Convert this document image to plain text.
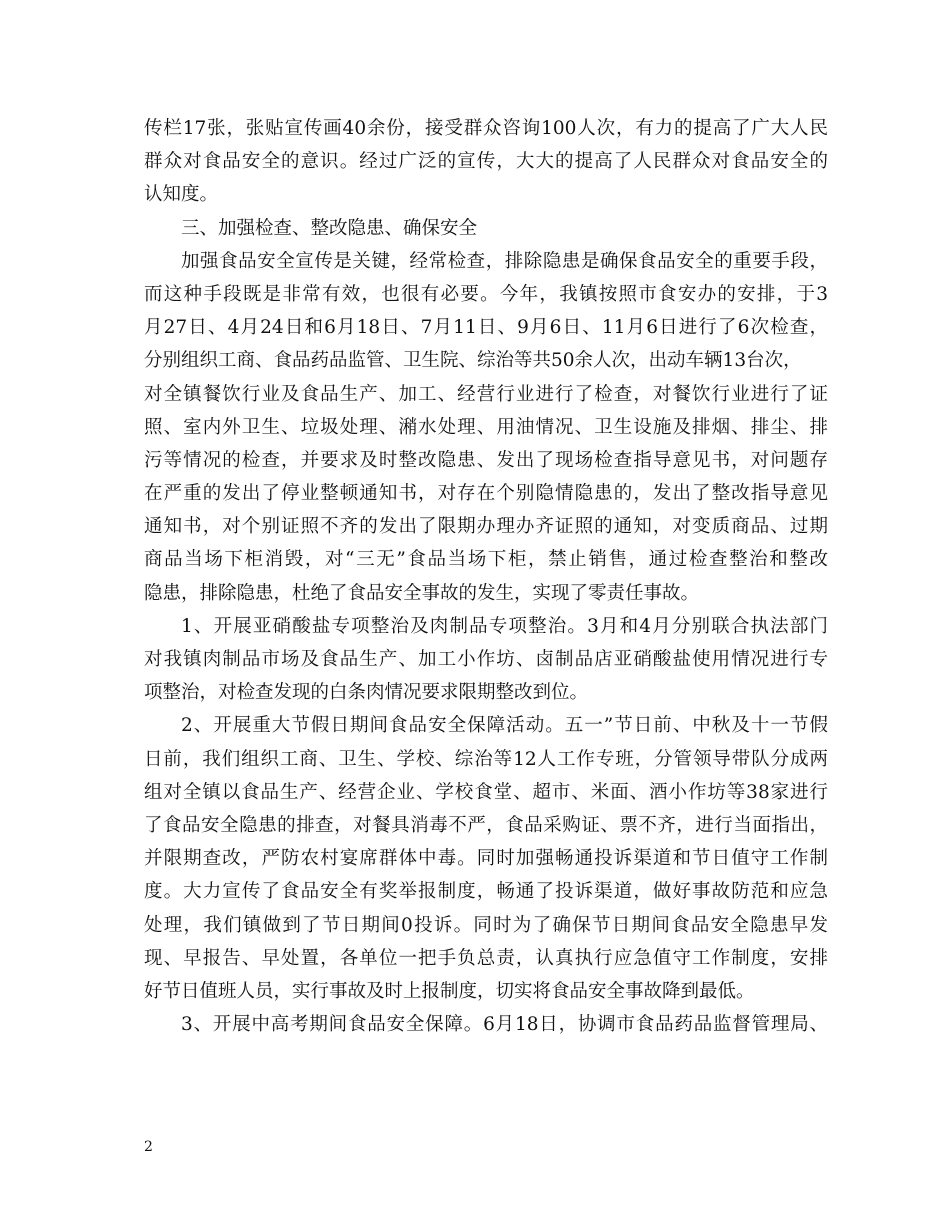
传栏17张，张贴宣传画40余份，接受群众咨询100人次，有力的提高了广大人民
群众对食品安全的意识。经过广泛的宣传，大大的提高了人民群众对食品安全的
认知度。
三、加强检查、整改隐患、确保安全
加强食品安全宣传是关键，经常检查，排除隐患是确保食品安全的重要手段，
而这种手段既是非常有效，也很有必要。今年，我镇按照市食安办的安排，于3
月27日、4月24日和6月18日、7月11日、9月6日、11月6日进行了6次检查，
分别组织工商、食品药品监管、卫生院、综治等共50余人次，出动车辆13台次，
对全镇餐饮行业及食品生产、加工、经营行业进行了检查，对餐饮行业进行了证
照、室内外卫生、垃圾处理、潲水处理、用油情况、卫生设施及排烟、排尘、排
污等情况的检查，并要求及时整改隐患、发出了现场检查指导意见书，对问题存
在严重的发出了停业整顿通知书，对存在个别隐情隐患的，发出了整改指导意见
通知书，对个别证照不齐的发出了限期办理办齐证照的通知，对变质商品、过期
商品当场下柜消毁，对“三无”食品当场下柜，禁止销售，通过检查整治和整改
隐患，排除隐患，杜绝了食品安全事故的发生，实现了零责任事故。
1、开展亚硝酸盐专项整治及肉制品专项整治。3月和4月分别联合执法部门
对我镇肉制品市场及食品生产、加工小作坊、卤制品店亚硝酸盐使用情况进行专
项整治，对检查发现的白条肉情况要求限期整改到位。
2、开展重大节假日期间食品安全保障活动。五一”节日前、中秋及十一节假
日前，我们组织工商、卫生、学校、综治等12人工作专班，分管领导带队分成两
组对全镇以食品生产、经营企业、学校食堂、超市、米面、酒小作坊等38家进行
了食品安全隐患的排查，对餐具消毒不严，食品采购证、票不齐，进行当面指出，
并限期查改，严防农村宴席群体中毒。同时加强畅通投诉渠道和节日值守工作制
度。大力宣传了食品安全有奖举报制度，畅通了投诉渠道，做好事故防范和应急
处理，我们镇做到了节日期间0投诉。同时为了确保节日期间食品安全隐患早发
现、早报告、早处置，各单位一把手负总责，认真执行应急值守工作制度，安排
好节日值班人员，实行事故及时上报制度，切实将食品安全事故降到最低。
3、开展中高考期间食品安全保障。6月18日，协调市食品药品监督管理局、
2
